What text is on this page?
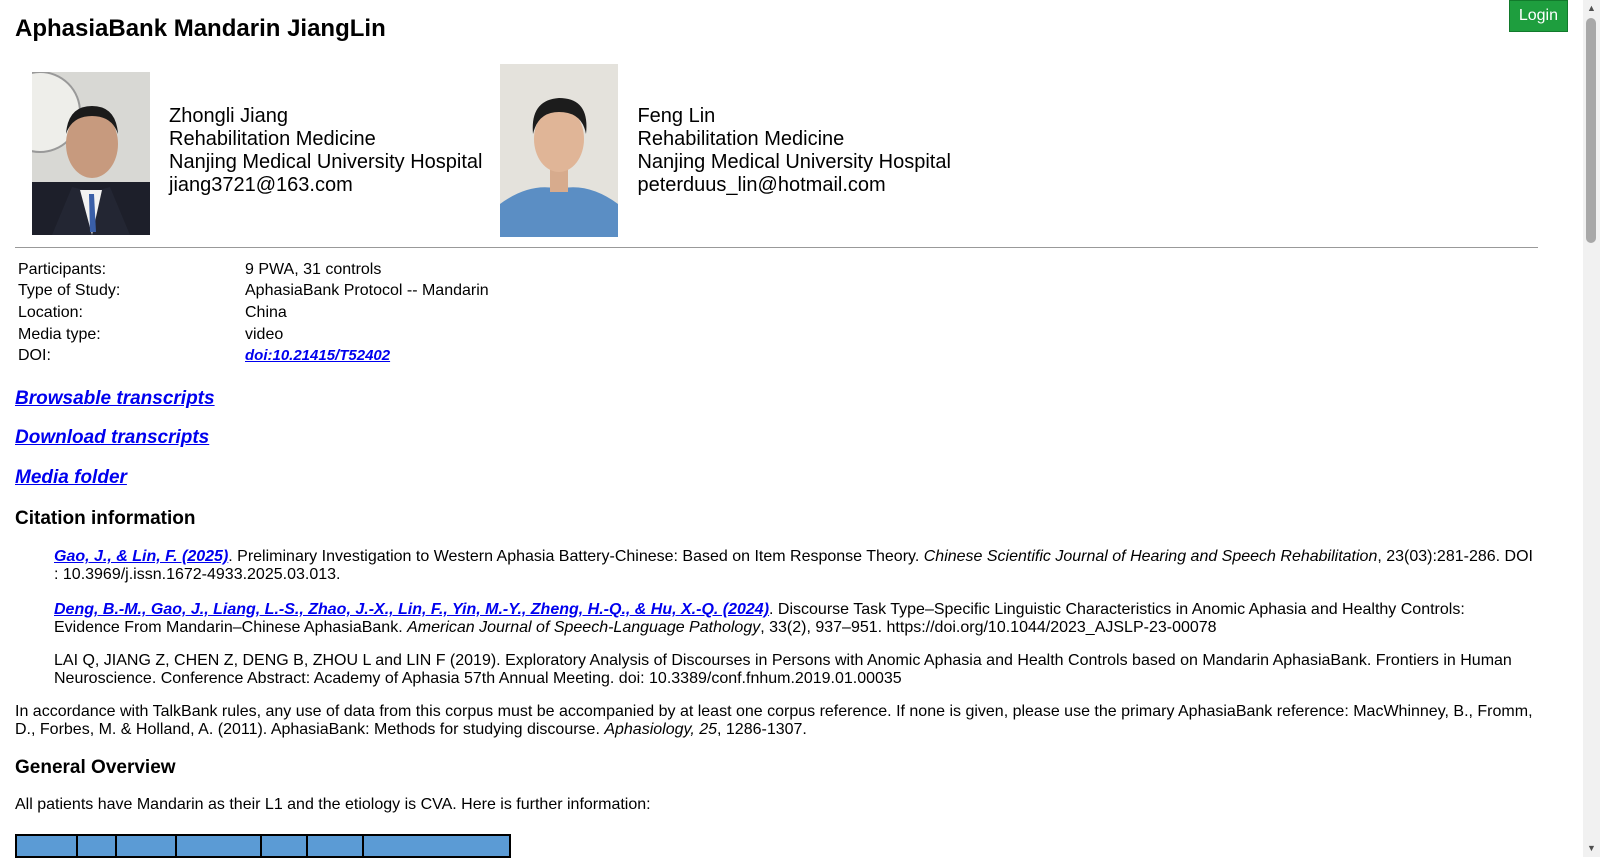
AphasiaBank Mandarin JiangLin
Zhongli Jiang
Rehabilitation Medicine
Nanjing Medical University Hospital
jiang3721@163.com
Feng Lin
Rehabilitation Medicine
Nanjing Medical University Hospital
peterduus_lin@hotmail.com
Participants:	9 PWA, 31 controls
Type of Study:	AphasiaBank Protocol -- Mandarin
Location:	China
Media type:	video
DOI:	doi:10.21415/T52402
Browsable transcripts
Download transcripts
Media folder
Citation information
Gao, J., & Lin, F. (2025). Preliminary Investigation to Western Aphasia Battery-Chinese: Based on Item Response Theory. Chinese Scientific Journal of Hearing and Speech Rehabilitation, 23(03):281-286. DOI : 10.3969/j.issn.1672-4933.2025.03.013.
Deng, B.-M., Gao, J., Liang, L.-S., Zhao, J.-X., Lin, F., Yin, M.-Y., Zheng, H.-Q., & Hu, X.-Q. (2024). Discourse Task Type–Specific Linguistic Characteristics in Anomic Aphasia and Healthy Controls: Evidence From Mandarin–Chinese AphasiaBank. American Journal of Speech-Language Pathology, 33(2), 937–951. https://doi.org/10.1044/2023_AJSLP-23-00078
LAI Q, JIANG Z, CHEN Z, DENG B, ZHOU L and LIN F (2019). Exploratory Analysis of Discourses in Persons with Anomic Aphasia and Health Controls based on Mandarin AphasiaBank. Frontiers in Human Neuroscience. Conference Abstract: Academy of Aphasia 57th Annual Meeting. doi: 10.3389/conf.fnhum.2019.01.00035
In accordance with TalkBank rules, any use of data from this corpus must be accompanied by at least one corpus reference. If none is given, please use the primary AphasiaBank reference: MacWhinney, B., Fromm, D., Forbes, M. & Holland, A. (2011). AphasiaBank: Methods for studying discourse. Aphasiology, 25, 1286-1307.
General Overview
All patients have Mandarin as their L1 and the etiology is CVA. Here is further information:

Login	▲
▼
